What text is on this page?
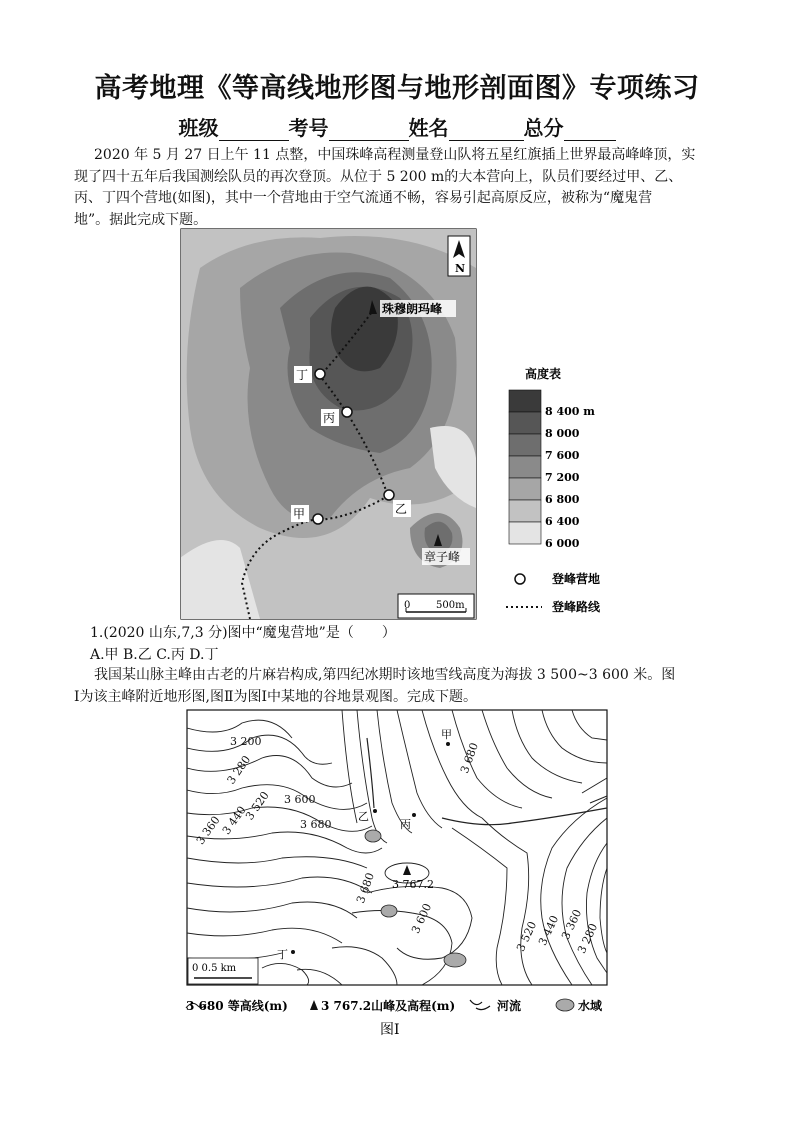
高考地理《等高线地形图与地形剖面图》专项练习
班级	考号	姓名	总分
2020 年 5 月 27 日上午 11 点整，中国珠峰高程测量登山队将五星红旗插上世界最高峰峰顶，实
现了四十五年后我国测绘队员的再次登顶。从位于 5 200 m的大本营向上，队员们要经过甲、乙、
丙、丁四个营地(如图)，其中一个营地由于空气流通不畅，容易引起高原反应，被称为“魔鬼营
地”。据此完成下题。
珠穆朗玛峰
丁
丙
乙
甲
章子峰
N
0	500m
高度表
8 400 m
8 000
7 600
7 200
6 800
6 400
6 000
登峰营地
登峰路线
1.(2020 山东,7,3 分)图中“魔鬼营地”是（　　）
A.甲 B.乙 C.丙 D.丁
我国某山脉主峰由古老的片麻岩构成,第四纪冰期时该地雪线高度为海拔 3 500~3 600 米。图
Ⅰ为该主峰附近地形图,图Ⅱ为图Ⅰ中某地的谷地景观图。完成下题。
3 767.2
乙
丙
甲
丁
3 200
3 280
3 360
3 440
3 520 3 600
3 680
3 680
3 680
3 600
3 520
3 440
3 360
3 280
0 0.5 km
3 680 等高线(m)	3 767.2山峰及高程(m)	河流	水域
图Ⅰ
